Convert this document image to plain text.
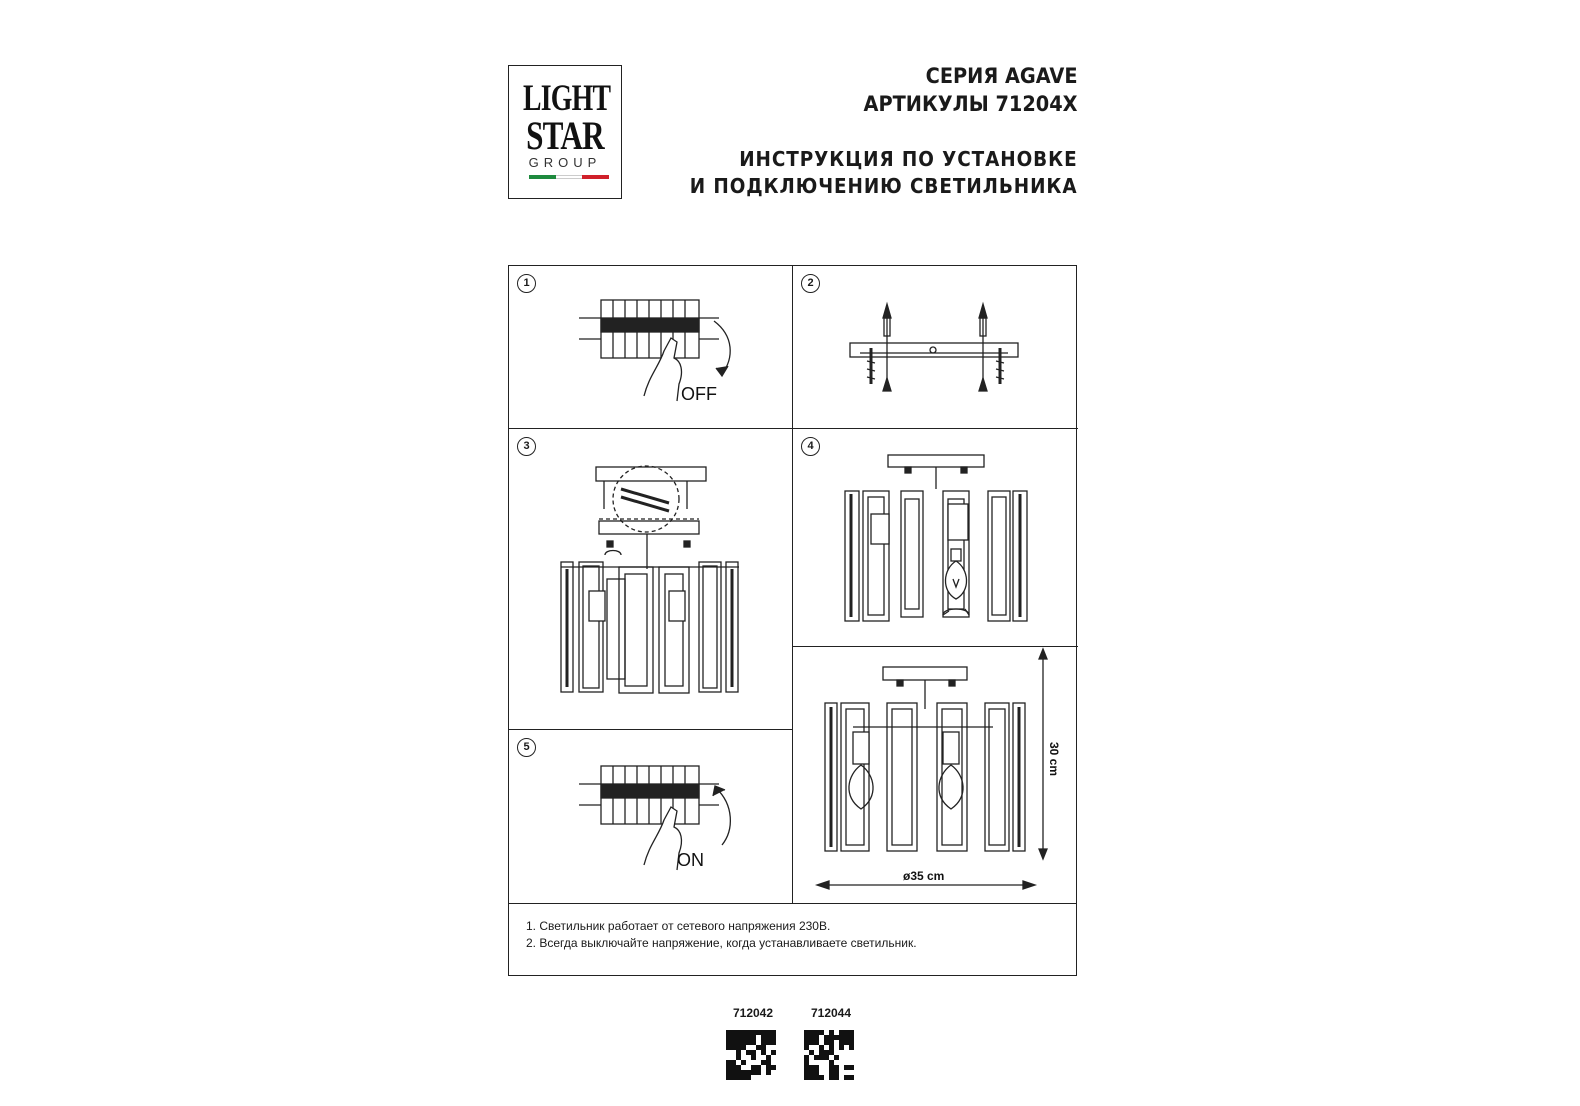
LIGHT
STAR
GROUP
СЕРИЯ AGAVE
АРТИКУЛЫ 71204X
ИНСТРУКЦИЯ ПО УСТАНОВКЕ
И ПОДКЛЮЧЕНИЮ СВЕТИЛЬНИКА
1
OFF
2
3	4
5
ON
30 cm
ø35 cm
1. Светильник работает от сетевого напряжения 230В.
2. Всегда выключайте напряжение, когда устанавливаете светильник.
712042	712044
